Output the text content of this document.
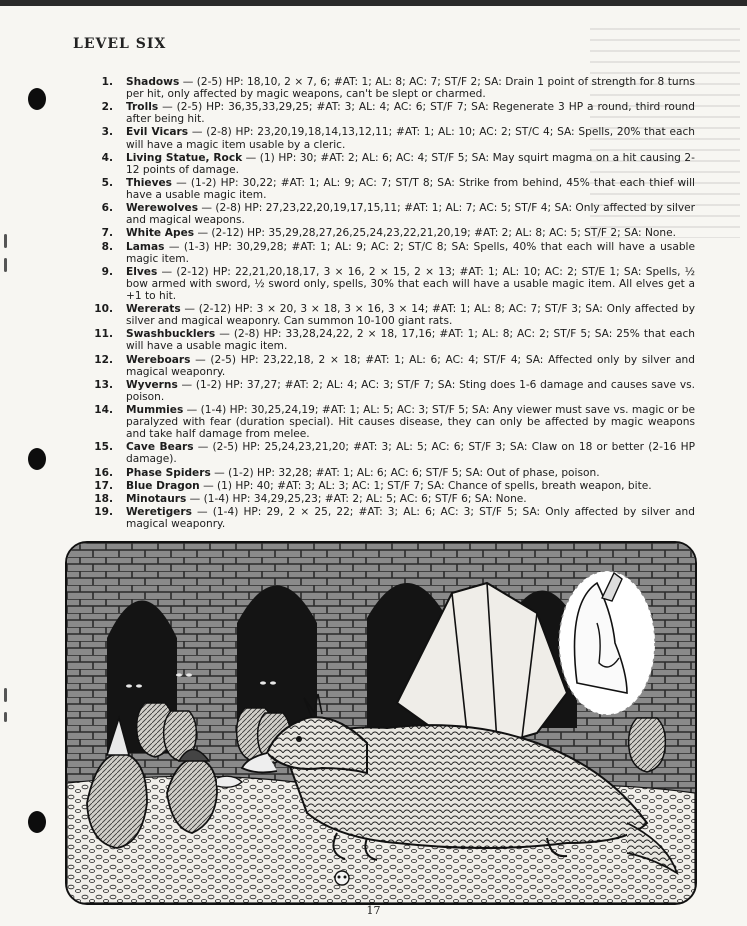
LEVEL SIX
1.	Shadows — (2-5) HP: 18,10, 2 × 7, 6; #AT: 1; AL: 8; AC: 7; ST/F 2; SA: Drain 1 point of strength for 8 turns per hit, only affected by magic weapons, can't be slept or charmed.
2.	Trolls — (2-5) HP: 36,35,33,29,25; #AT: 3; AL: 4; AC: 6; ST/F 7; SA: Regenerate 3 HP a round, third round after being hit.
3.	Evil Vicars — (2-8) HP: 23,20,19,18,14,13,12,11; #AT: 1; AL: 10; AC: 2; ST/C 4; SA: Spells, 20% that each will have a magic item usable by a cleric.
4.	Living Statue, Rock — (1) HP: 30; #AT: 2; AL: 6; AC: 4; ST/F 5; SA: May squirt magma on a hit causing 2-12 points of damage.
5.	Thieves — (1-2) HP: 30,22; #AT: 1; AL: 9; AC: 7; ST/T 8; SA: Strike from behind, 45% that each thief will have a usable magic item.
6.	Werewolves — (2-8) HP: 27,23,22,20,19,17,15,11; #AT: 1; AL: 7; AC: 5; ST/F 4; SA: Only affected by silver and magical weapons.
7.	White Apes — (2-12) HP: 35,29,28,27,26,25,24,23,22,21,20,19; #AT: 2; AL: 8; AC: 5; ST/F 2; SA: None.
8.	Lamas — (1-3) HP: 30,29,28; #AT: 1; AL: 9; AC: 2; ST/C 8; SA: Spells, 40% that each will have a usable magic item.
9.	Elves — (2-12) HP: 22,21,20,18,17, 3 × 16, 2 × 15, 2 × 13; #AT: 1; AL: 10; AC: 2; ST/E 1; SA: Spells, ½ bow armed with sword, ½ sword only, spells, 30% that each will have a usable magic item. All elves get a +1 to hit.
10.	Wererats — (2-12) HP: 3 × 20, 3 × 18, 3 × 16, 3 × 14; #AT: 1; AL: 8; AC: 7; ST/F 3; SA: Only affected by silver and magical weaponry. Can summon 10-100 giant rats.
11.	Swashbucklers — (2-8) HP: 33,28,24,22, 2 × 18, 17,16; #AT: 1; AL: 8; AC: 2; ST/F 5; SA: 25% that each will have a usable magic item.
12.	Wereboars — (2-5) HP: 23,22,18, 2 × 18; #AT: 1; AL: 6; AC: 4; ST/F 4; SA: Affected only by silver and magical weaponry.
13.	Wyverns — (1-2) HP: 37,27; #AT: 2; AL: 4; AC: 3; ST/F 7; SA: Sting does 1-6 damage and causes save vs. poison.
14.	Mummies — (1-4) HP: 30,25,24,19; #AT: 1; AL: 5; AC: 3; ST/F 5; SA: Any viewer must save vs. magic or be paralyzed with fear (duration special). Hit causes disease, they can only be affected by magic weapons and take half damage from melee.
15.	Cave Bears — (2-5) HP: 25,24,23,21,20; #AT: 3; AL: 5; AC: 6; ST/F 3; SA: Claw on 18 or better (2-16 HP damage).
16.	Phase Spiders — (1-2) HP: 32,28; #AT: 1; AL: 6; AC: 6; ST/F 5; SA: Out of phase, poison.
17.	Blue Dragon — (1) HP: 40; #AT: 3; AL: 3; AC: 1; ST/F 7; SA: Chance of spells, breath weapon, bite.
18.	Minotaurs — (1-4) HP: 34,29,25,23; #AT: 2; AL: 5; AC: 6; ST/F 6; SA: None.
19.	Weretigers — (1-4) HP: 29, 2 × 25, 22; #AT: 3; AL: 6; AC: 3; ST/F 5; SA: Only affected by silver and magical weaponry.
17
